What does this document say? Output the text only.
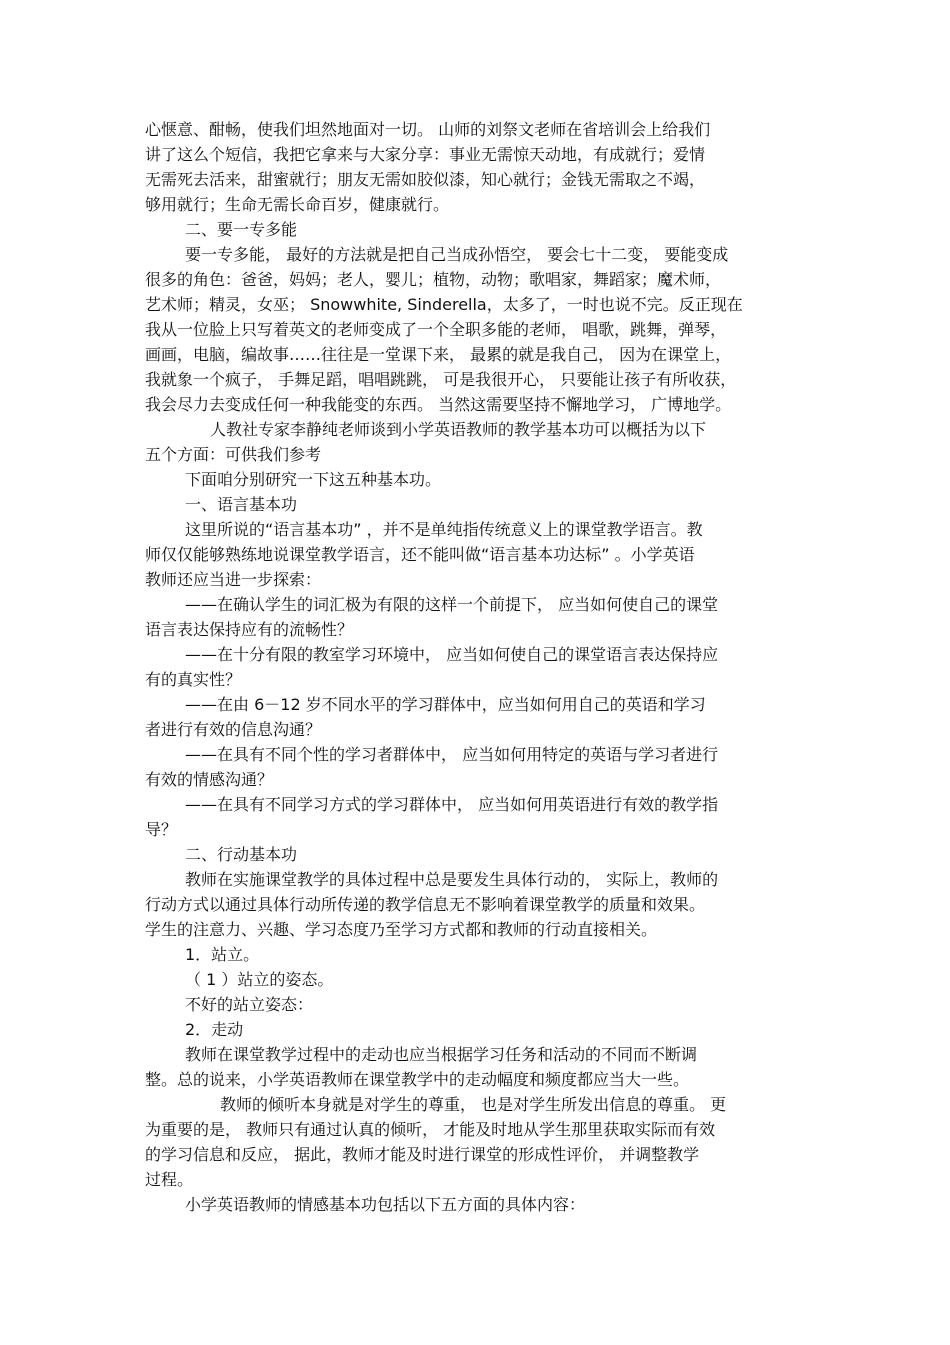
心惬意、酣畅，使我们坦然地面对一切。 山师的刘祭文老师在省培训会上给我们
讲了这么个短信，我把它拿来与大家分享：事业无需惊天动地，有成就行；爱情
无需死去活来，甜蜜就行；朋友无需如胶似漆，知心就行；金钱无需取之不竭，
够用就行；生命无需长命百岁，健康就行。
二、要一专多能
要一专多能， 最好的方法就是把自己当成孙悟空， 要会七十二变， 要能变成
很多的角色：爸爸，妈妈；老人，婴儿；植物，动物；歌唱家，舞蹈家；魔术师，
艺术师；精灵，女巫； Snowwhite, Sinderella，太多了，一时也说不完。反正现在
我从一位脸上只写着英文的老师变成了一个全职多能的老师， 唱歌，跳舞，弹琴，
画画，电脑，编故事……往往是一堂课下来， 最累的就是我自己， 因为在课堂上，
我就象一个疯子， 手舞足蹈，唱唱跳跳， 可是我很开心， 只要能让孩子有所收获，
我会尽力去变成任何一种我能变的东西。 当然这需要坚持不懈地学习， 广博地学。
人教社专家李静纯老师谈到小学英语教师的教学基本功可以概括为以下
五个方面：可供我们参考
下面咱分别研究一下这五种基本功。
一、语言基本功
这里所说的“语言基本功” ，并不是单纯指传统意义上的课堂教学语言。教
师仅仅能够熟练地说课堂教学语言，还不能叫做“语言基本功达标” 。小学英语
教师还应当进一步探索：
——在确认学生的词汇极为有限的这样一个前提下， 应当如何使自己的课堂
语言表达保持应有的流畅性？
——在十分有限的教室学习环境中， 应当如何使自己的课堂语言表达保持应
有的真实性？
——在由 6－12 岁不同水平的学习群体中，应当如何用自己的英语和学习
者进行有效的信息沟通？
——在具有不同个性的学习者群体中， 应当如何用特定的英语与学习者进行
有效的情感沟通？
——在具有不同学习方式的学习群体中， 应当如何用英语进行有效的教学指
导？
二、行动基本功
教师在实施课堂教学的具体过程中总是要发生具体行动的， 实际上，教师的
行动方式以通过具体行动所传递的教学信息无不影响着课堂教学的质量和效果。
学生的注意力、兴趣、学习态度乃至学习方式都和教师的行动直接相关。
1．站立。
（ 1 ）站立的姿态。
不好的站立姿态：
2．走动
教师在课堂教学过程中的走动也应当根据学习任务和活动的不同而不断调
整。总的说来，小学英语教师在课堂教学中的走动幅度和频度都应当大一些。
教师的倾听本身就是对学生的尊重， 也是对学生所发出信息的尊重。 更
为重要的是， 教师只有通过认真的倾听， 才能及时地从学生那里获取实际而有效
的学习信息和反应， 据此，教师才能及时进行课堂的形成性评价， 并调整教学
过程。
小学英语教师的情感基本功包括以下五方面的具体内容：
